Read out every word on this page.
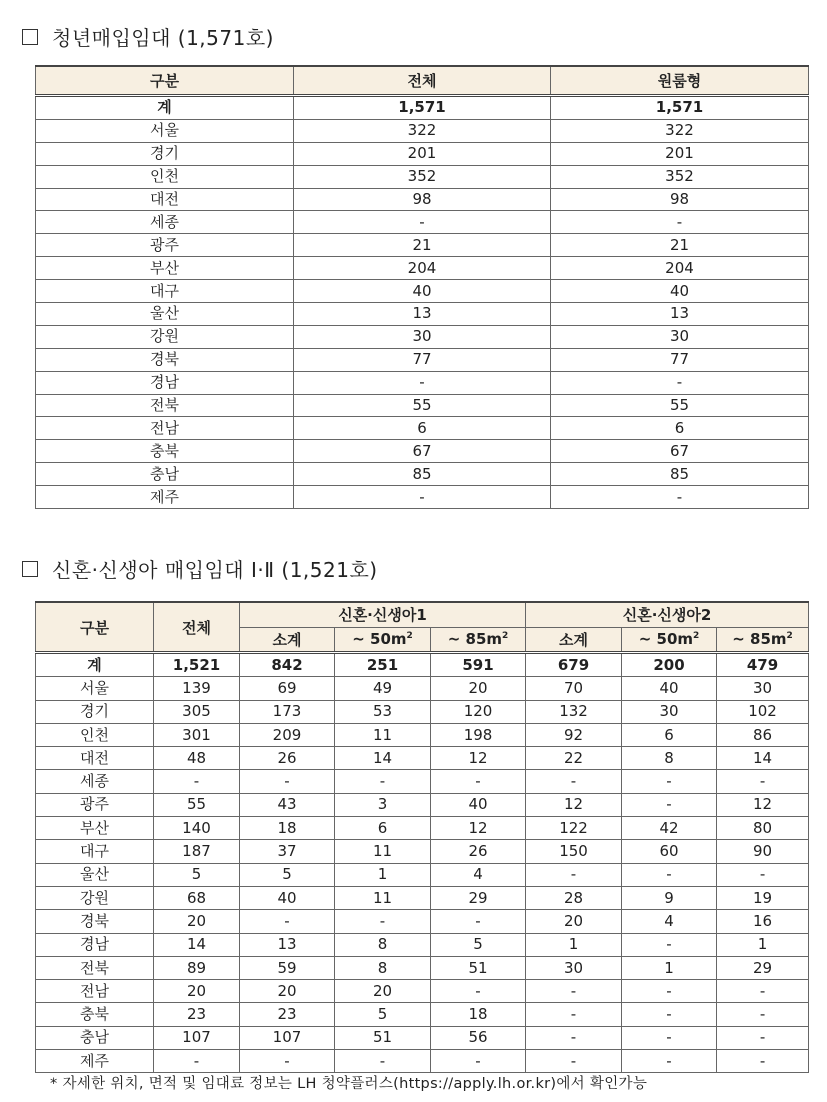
청년매입임대 (1,571호)
구분	전체	원룸형
계	1,571	1,571
서울	322	322
경기	201	201
인천	352	352
대전	98	98
세종	-	-
광주	21	21
부산	204	204
대구	40	40
울산	13	13
강원	30	30
경북	77	77
경남	-	-
전북	55	55
전남	6	6
충북	67	67
충남	85	85
제주	-	-
신혼·신생아 매입임대 Ⅰ·Ⅱ (1,521호)
구분	전체	신혼·신생아1			신혼·신생아2		
		소계	~ $50m^2$	~ $85m^2$	소계	~ $50m^2$	~ $85m^2$
계	1,521	842	251	591	679	200	479
서울	139	69	49	20	70	40	30
경기	305	173	53	120	132	30	102
인천	301	209	11	198	92	6	86
대전	48	26	14	12	22	8	14
세종	-	-	-	-	-	-	-
광주	55	43	3	40	12	-	12
부산	140	18	6	12	122	42	80
대구	187	37	11	26	150	60	90
울산	5	5	1	4	-	-	-
강원	68	40	11	29	28	9	19
경북	20	-	-	-	20	4	16
경남	14	13	8	5	1	-	1
전북	89	59	8	51	30	1	29
전남	20	20	20	-	-	-	-
충북	23	23	5	18	-	-	-
충남	107	107	51	56	-	-	-
제주	-	-	-	-	-	-	-
* 자세한 위치, 면적 및 임대료 정보는 LH 청약플러스(https://apply.lh.or.kr)에서 확인가능
